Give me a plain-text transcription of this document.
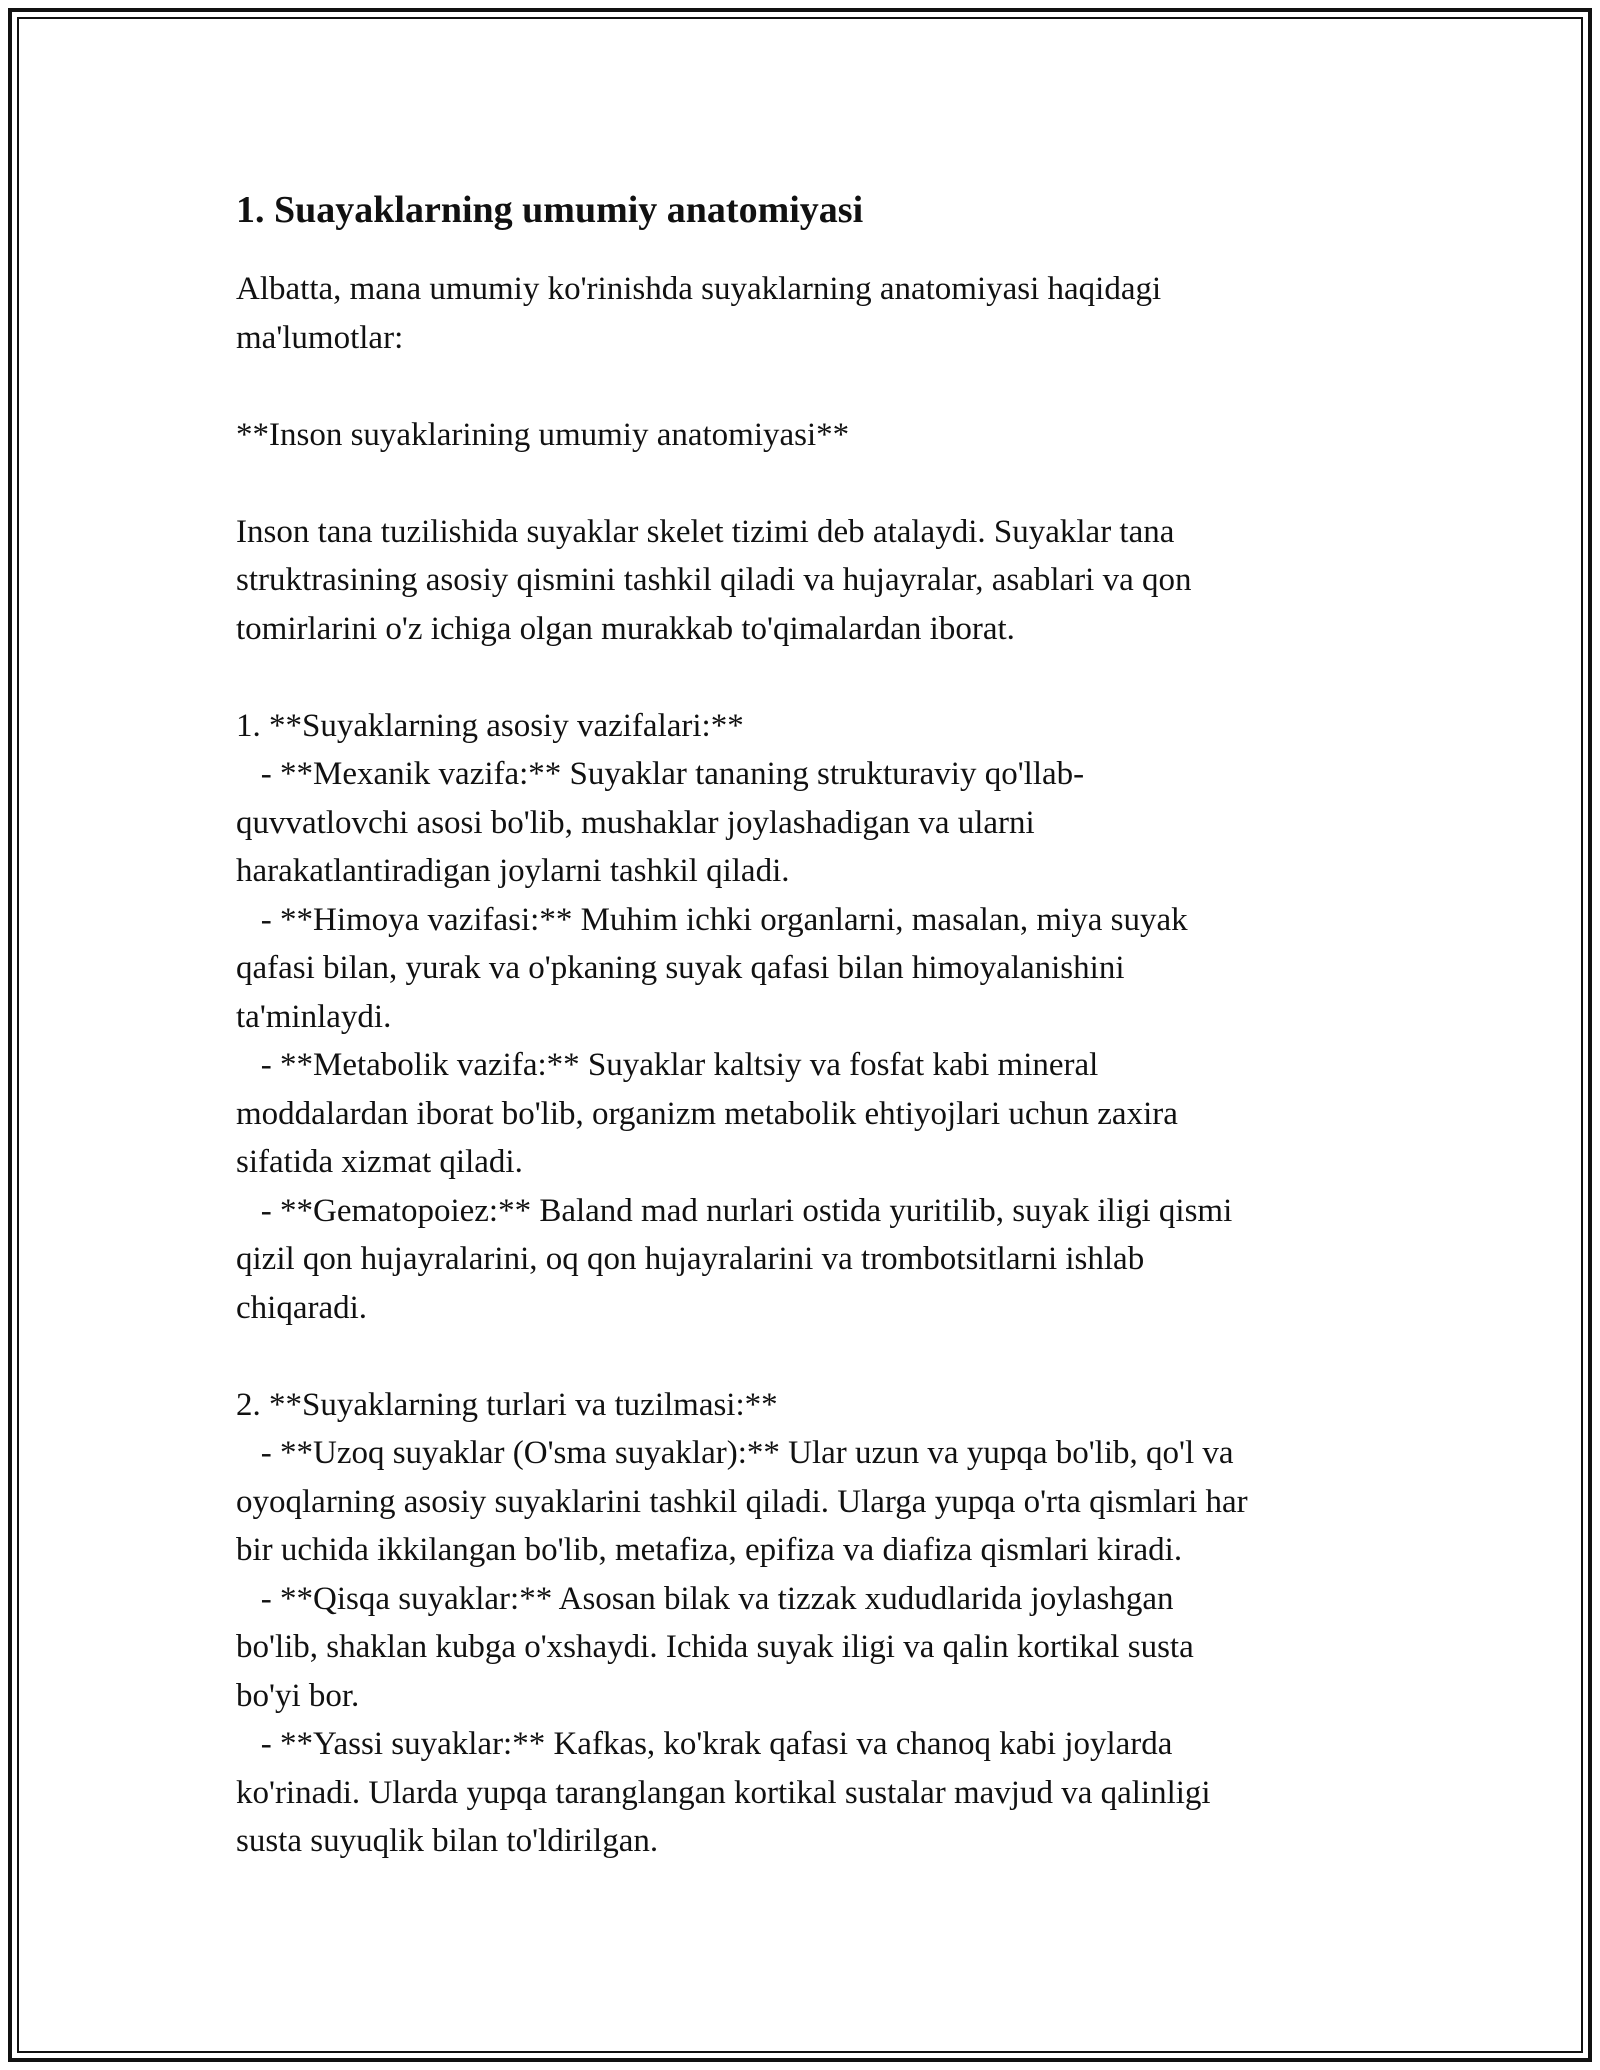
1. Suayaklarning umumiy anatomiyasi

Albatta, mana umumiy ko'rinishda suyaklarning anatomiyasi haqidagi

ma'lumotlar:

**Inson suyaklarining umumiy anatomiyasi**

Inson tana tuzilishida suyaklar skelet tizimi deb atalaydi. Suyaklar tana

struktrasining asosiy qismini tashkil qiladi va hujayralar, asablari va qon

tomirlarini o'z ichiga olgan murakkab to'qimalardan iborat.

1. **Suyaklarning asosiy vazifalari:**

- **Mexanik vazifa:** Suyaklar tananing strukturaviy qo'llab-

quvvatlovchi asosi bo'lib, mushaklar joylashadigan va ularni

harakatlantiradigan joylarni tashkil qiladi.

- **Himoya vazifasi:** Muhim ichki organlarni, masalan, miya suyak

qafasi bilan, yurak va o'pkaning suyak qafasi bilan himoyalanishini

ta'minlaydi.

- **Metabolik vazifa:** Suyaklar kaltsiy va fosfat kabi mineral

moddalardan iborat bo'lib, organizm metabolik ehtiyojlari uchun zaxira

sifatida xizmat qiladi.

- **Gematopoiez:** Baland mad nurlari ostida yuritilib, suyak iligi qismi

qizil qon hujayralarini, oq qon hujayralarini va trombotsitlarni ishlab

chiqaradi.

2. **Suyaklarning turlari va tuzilmasi:**

- **Uzoq suyaklar (O'sma suyaklar):** Ular uzun va yupqa bo'lib, qo'l va

oyoqlarning asosiy suyaklarini tashkil qiladi. Ularga yupqa o'rta qismlari har

bir uchida ikkilangan bo'lib, metafiza, epifiza va diafiza qismlari kiradi.

- **Qisqa suyaklar:** Asosan bilak va tizzak xududlarida joylashgan

bo'lib, shaklan kubga o'xshaydi. Ichida suyak iligi va qalin kortikal susta

bo'yi bor.

- **Yassi suyaklar:** Kafkas, ko'krak qafasi va chanoq kabi joylarda

ko'rinadi. Ularda yupqa taranglangan kortikal sustalar mavjud va qalinligi

susta suyuqlik bilan to'ldirilgan.
